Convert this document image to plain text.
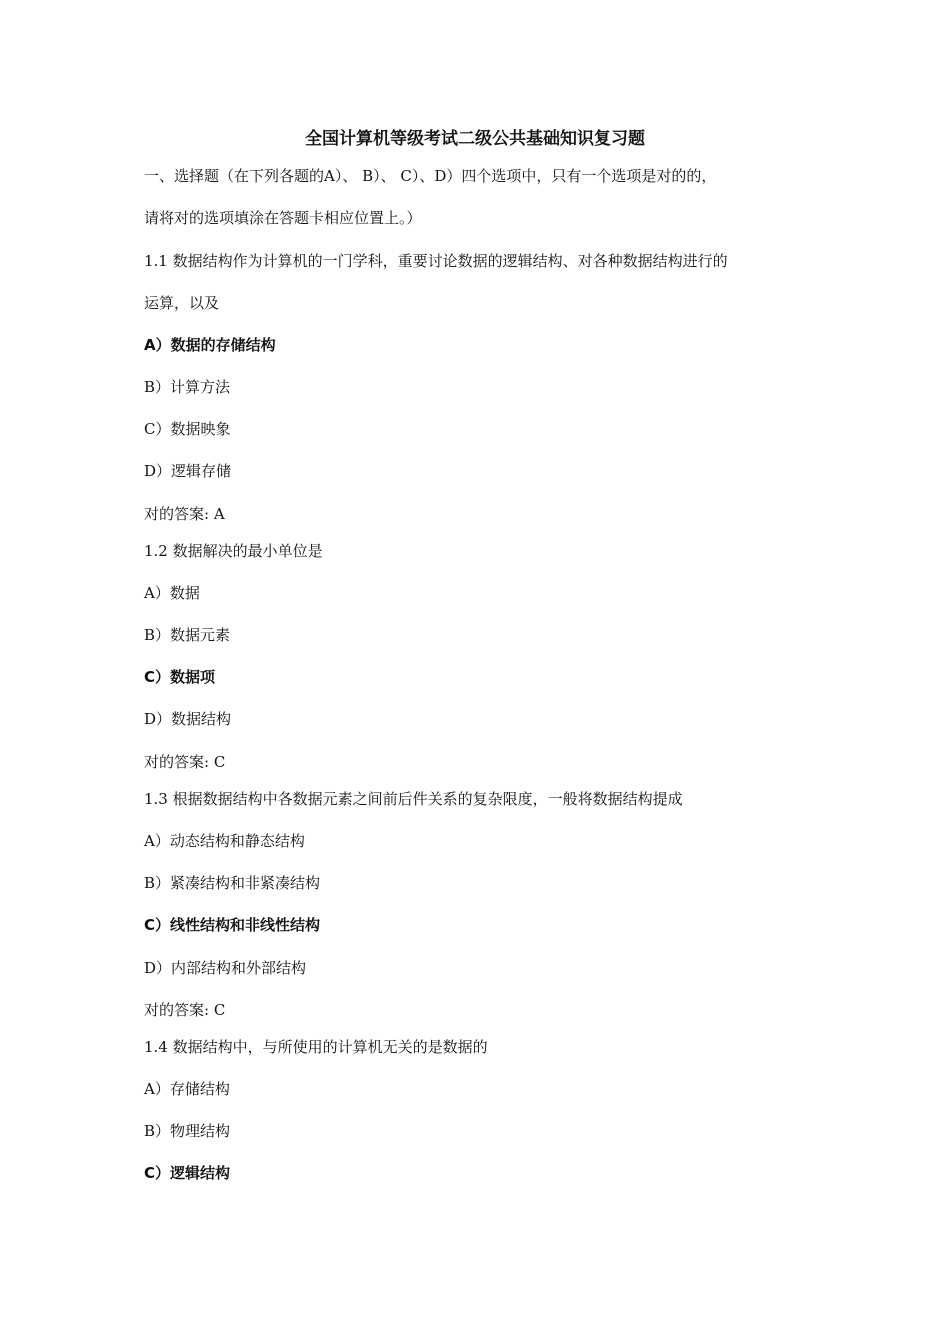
全国计算机等级考试二级公共基础知识复习题
一、选择题（在下列各题的A）、 B）、 C）、D）四个选项中，只有一个选项是对的的，
请将对的选项填涂在答题卡相应位置上。）
1.1 数据结构作为计算机的一门学科，重要讨论数据的逻辑结构、对各种数据结构进行的
运算，以及
A）数据的存储结构
B）计算方法
C）数据映象
D）逻辑存储
对的答案: A
1.2 数据解决的最小单位是
A）数据
B）数据元素
C）数据项
D）数据结构
对的答案: C
1.3 根据数据结构中各数据元素之间前后件关系的复杂限度，一般将数据结构提成
A）动态结构和静态结构
B）紧凑结构和非紧凑结构
C）线性结构和非线性结构
D）内部结构和外部结构
对的答案: C
1.4 数据结构中，与所使用的计算机无关的是数据的
A）存储结构
B）物理结构
C）逻辑结构
